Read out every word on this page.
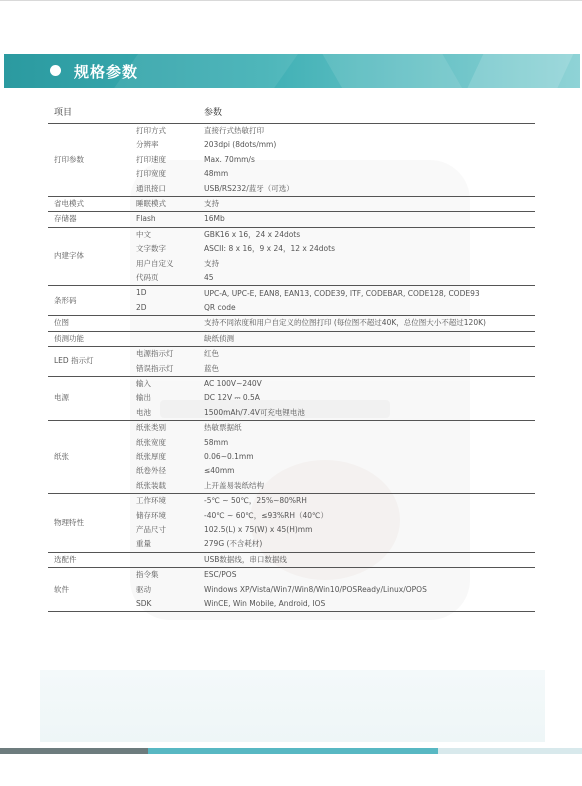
规格参数
项目		参数
打印参数	打印方式	直接行式热敏打印
	分辨率	203dpi (8dots/mm)
	打印速度	Max. 70mm/s
	打印宽度	48mm
	通讯接口	USB/RS232/蓝牙（可选）
省电模式	睡眠模式	支持
存储器	Flash	16Mb
内建字体	中文	GBK16 x 16，24 x 24dots
	文字数字	ASCII: 8 x 16，9 x 24，12 x 24dots
	用户自定义	支持
	代码页	45
条形码	1D	UPC-A, UPC-E, EAN8, EAN13, CODE39, ITF, CODEBAR, CODE128, CODE93
	2D	QR code
位图		支持不同浓度和用户自定义的位图打印 (每位图不超过40K，总位图大小不超过120K)
侦测功能		缺纸侦测
LED 指示灯	电源指示灯	红色
	错误指示灯	蓝色
电源	输入	AC 100V~240V
	输出	DC 12V ⎓ 0.5A
	电池	1500mAh/7.4V可充电锂电池
纸张	纸张类别	热敏票据纸
	纸张宽度	58mm
	纸张厚度	0.06~0.1mm
	纸卷外径	≤40mm
	纸张装载	上开盖易装纸结构
物理特性	工作环境	-5℃ ~ 50℃，25%~80%RH
	储存环境	-40℃ ~ 60℃，≤93%RH（40℃）
	产品尺寸	102.5(L) x 75(W) x 45(H)mm
	重量	279G (不含耗材)
选配件		USB数据线，串口数据线
软件	指令集	ESC/POS
	驱动	Windows XP/Vista/Win7/Win8/Win10/POSReady/Linux/OPOS
	SDK	WinCE, Win Mobile, Android, IOS
